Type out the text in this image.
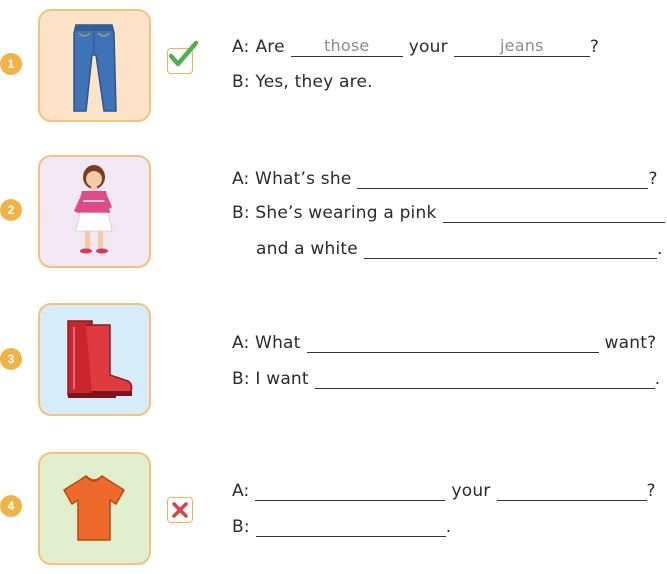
1
A: Are	those	your	jeans	?
B: Yes, they are.
2
A: What’s she	?
B: She’s wearing a pink
and a white	.
3
A: What	want?
B: I want	.
4
A:	your	?
B:	.
